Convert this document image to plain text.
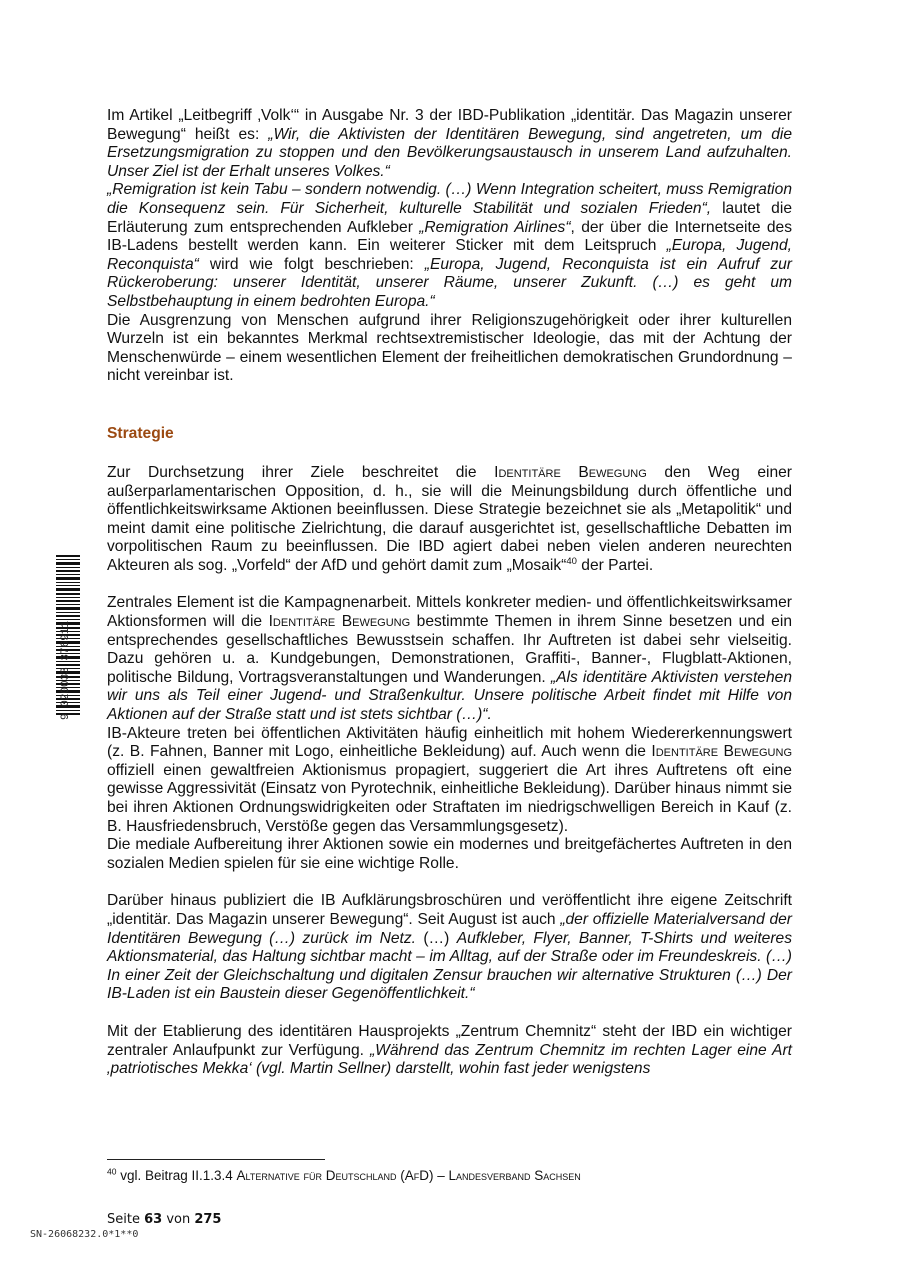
Im Artikel „Leitbegriff ‚Volk‘“ in Ausgabe Nr. 3 der IBD-Publikation „identitär. Das Magazin unserer Bewegung“ heißt es: „Wir, die Aktivisten der Identitären Bewegung, sind angetreten, um die Ersetzungsmigration zu stoppen und den Bevölkerungsaustausch in unserem Land aufzuhalten. Unser Ziel ist der Erhalt unseres Volkes.“

„Remigration ist kein Tabu – sondern notwendig. (…) Wenn Integration scheitert, muss Remigration die Konsequenz sein. Für Sicherheit, kulturelle Stabilität und sozialen Frieden“, lautet die Erläuterung zum entsprechenden Aufkleber „Remigration Airlines“, der über die Internetseite des IB-Ladens bestellt werden kann. Ein weiterer Sticker mit dem Leitspruch „Europa, Jugend, Reconquista“ wird wie folgt beschrieben: „Europa, Jugend, Reconquista ist ein Aufruf zur Rückeroberung: unserer Identität, unserer Räume, unserer Zukunft. (…) es geht um Selbstbehauptung in einem bedrohten Europa.“

Die Ausgrenzung von Menschen aufgrund ihrer Religionszugehörigkeit oder ihrer kulturellen Wurzeln ist ein bekanntes Merkmal rechtsextremistischer Ideologie, das mit der Achtung der Menschenwürde – einem wesentlichen Element der freiheitlichen demokratischen Grundordnung – nicht vereinbar ist.

Strategie

Zur Durchsetzung ihrer Ziele beschreitet die Identitäre Bewegung den Weg einer außerparlamentarischen Opposition, d. h., sie will die Meinungsbildung durch öffentliche und öffentlichkeitswirksame Aktionen beeinflussen. Diese Strategie bezeichnet sie als „Metapolitik“ und meint damit eine politische Zielrichtung, die darauf ausgerichtet ist, gesellschaftliche Debatten im vorpolitischen Raum zu beeinflussen. Die IBD agiert dabei neben vielen anderen neurechten Akteuren als sog. „Vorfeld“ der AfD und gehört damit zum „Mosaik“$^{40}$ der Partei.

Zentrales Element ist die Kampagnenarbeit. Mittels konkreter medien- und öffentlichkeitswirksamer Aktionsformen will die Identitäre Bewegung bestimmte Themen in ihrem Sinne besetzen und ein entsprechendes gesellschaftliches Bewusstsein schaffen. Ihr Auftreten ist dabei sehr vielseitig. Dazu gehören u. a. Kundgebungen, Demonstrationen, Graffiti-, Banner-, Flugblatt-Aktionen, politische Bildung, Vortragsveranstaltungen und Wanderungen. „Als identitäre Aktivisten verstehen wir uns als Teil einer Jugend- und Straßenkultur. Unsere politische Arbeit findet mit Hilfe von Aktionen auf der Straße statt und ist stets sichtbar (…)“.

IB-Akteure treten bei öffentlichen Aktivitäten häufig einheitlich mit hohem Wiedererkennungswert (z. B. Fahnen, Banner mit Logo, einheitliche Bekleidung) auf. Auch wenn die Identitäre Bewegung offiziell einen gewaltfreien Aktionismus propagiert, suggeriert die Art ihres Auftretens oft eine gewisse Aggressivität (Einsatz von Pyrotechnik, einheitliche Bekleidung). Darüber hinaus nimmt sie bei ihren Aktionen Ordnungswidrigkeiten oder Straftaten im niedrigschwelligen Bereich in Kauf (z. B. Hausfriedensbruch, Verstöße gegen das Versammlungsgesetz).

Die mediale Aufbereitung ihrer Aktionen sowie ein modernes und breitgefächertes Auftreten in den sozialen Medien spielen für sie eine wichtige Rolle.

Darüber hinaus publiziert die IB Aufklärungsbroschüren und veröffentlicht ihre eigene Zeitschrift „identitär. Das Magazin unserer Bewegung“. Seit August ist auch „der offizielle Materialversand der Identitären Bewegung (…) zurück im Netz. (…) Aufkleber, Flyer, Banner, T-Shirts und weiteres Aktionsmaterial, das Haltung sichtbar macht – im Alltag, auf der Straße oder im Freundeskreis. (…) In einer Zeit der Gleichschaltung und digitalen Zensur brauchen wir alternative Strukturen (…) Der IB-Laden ist ein Baustein dieser Gegenöffentlichkeit.“

Mit der Etablierung des identitären Hausprojekts „Zentrum Chemnitz“ steht der IBD ein wichtiger zentraler Anlaufpunkt zur Verfügung. „Während das Zentrum Chemnitz im rechten Lager eine Art ‚patriotisches Mekka‘ (vgl. Martin Sellner) darstellt, wohin fast jeder wenigstens

9 020033 376911
$^{40}$ vgl. Beitrag II.1.3.4 Alternative für Deutschland (AfD) – Landesverband Sachsen
Seite 63 von 275
SN-26068232.0*1**0
